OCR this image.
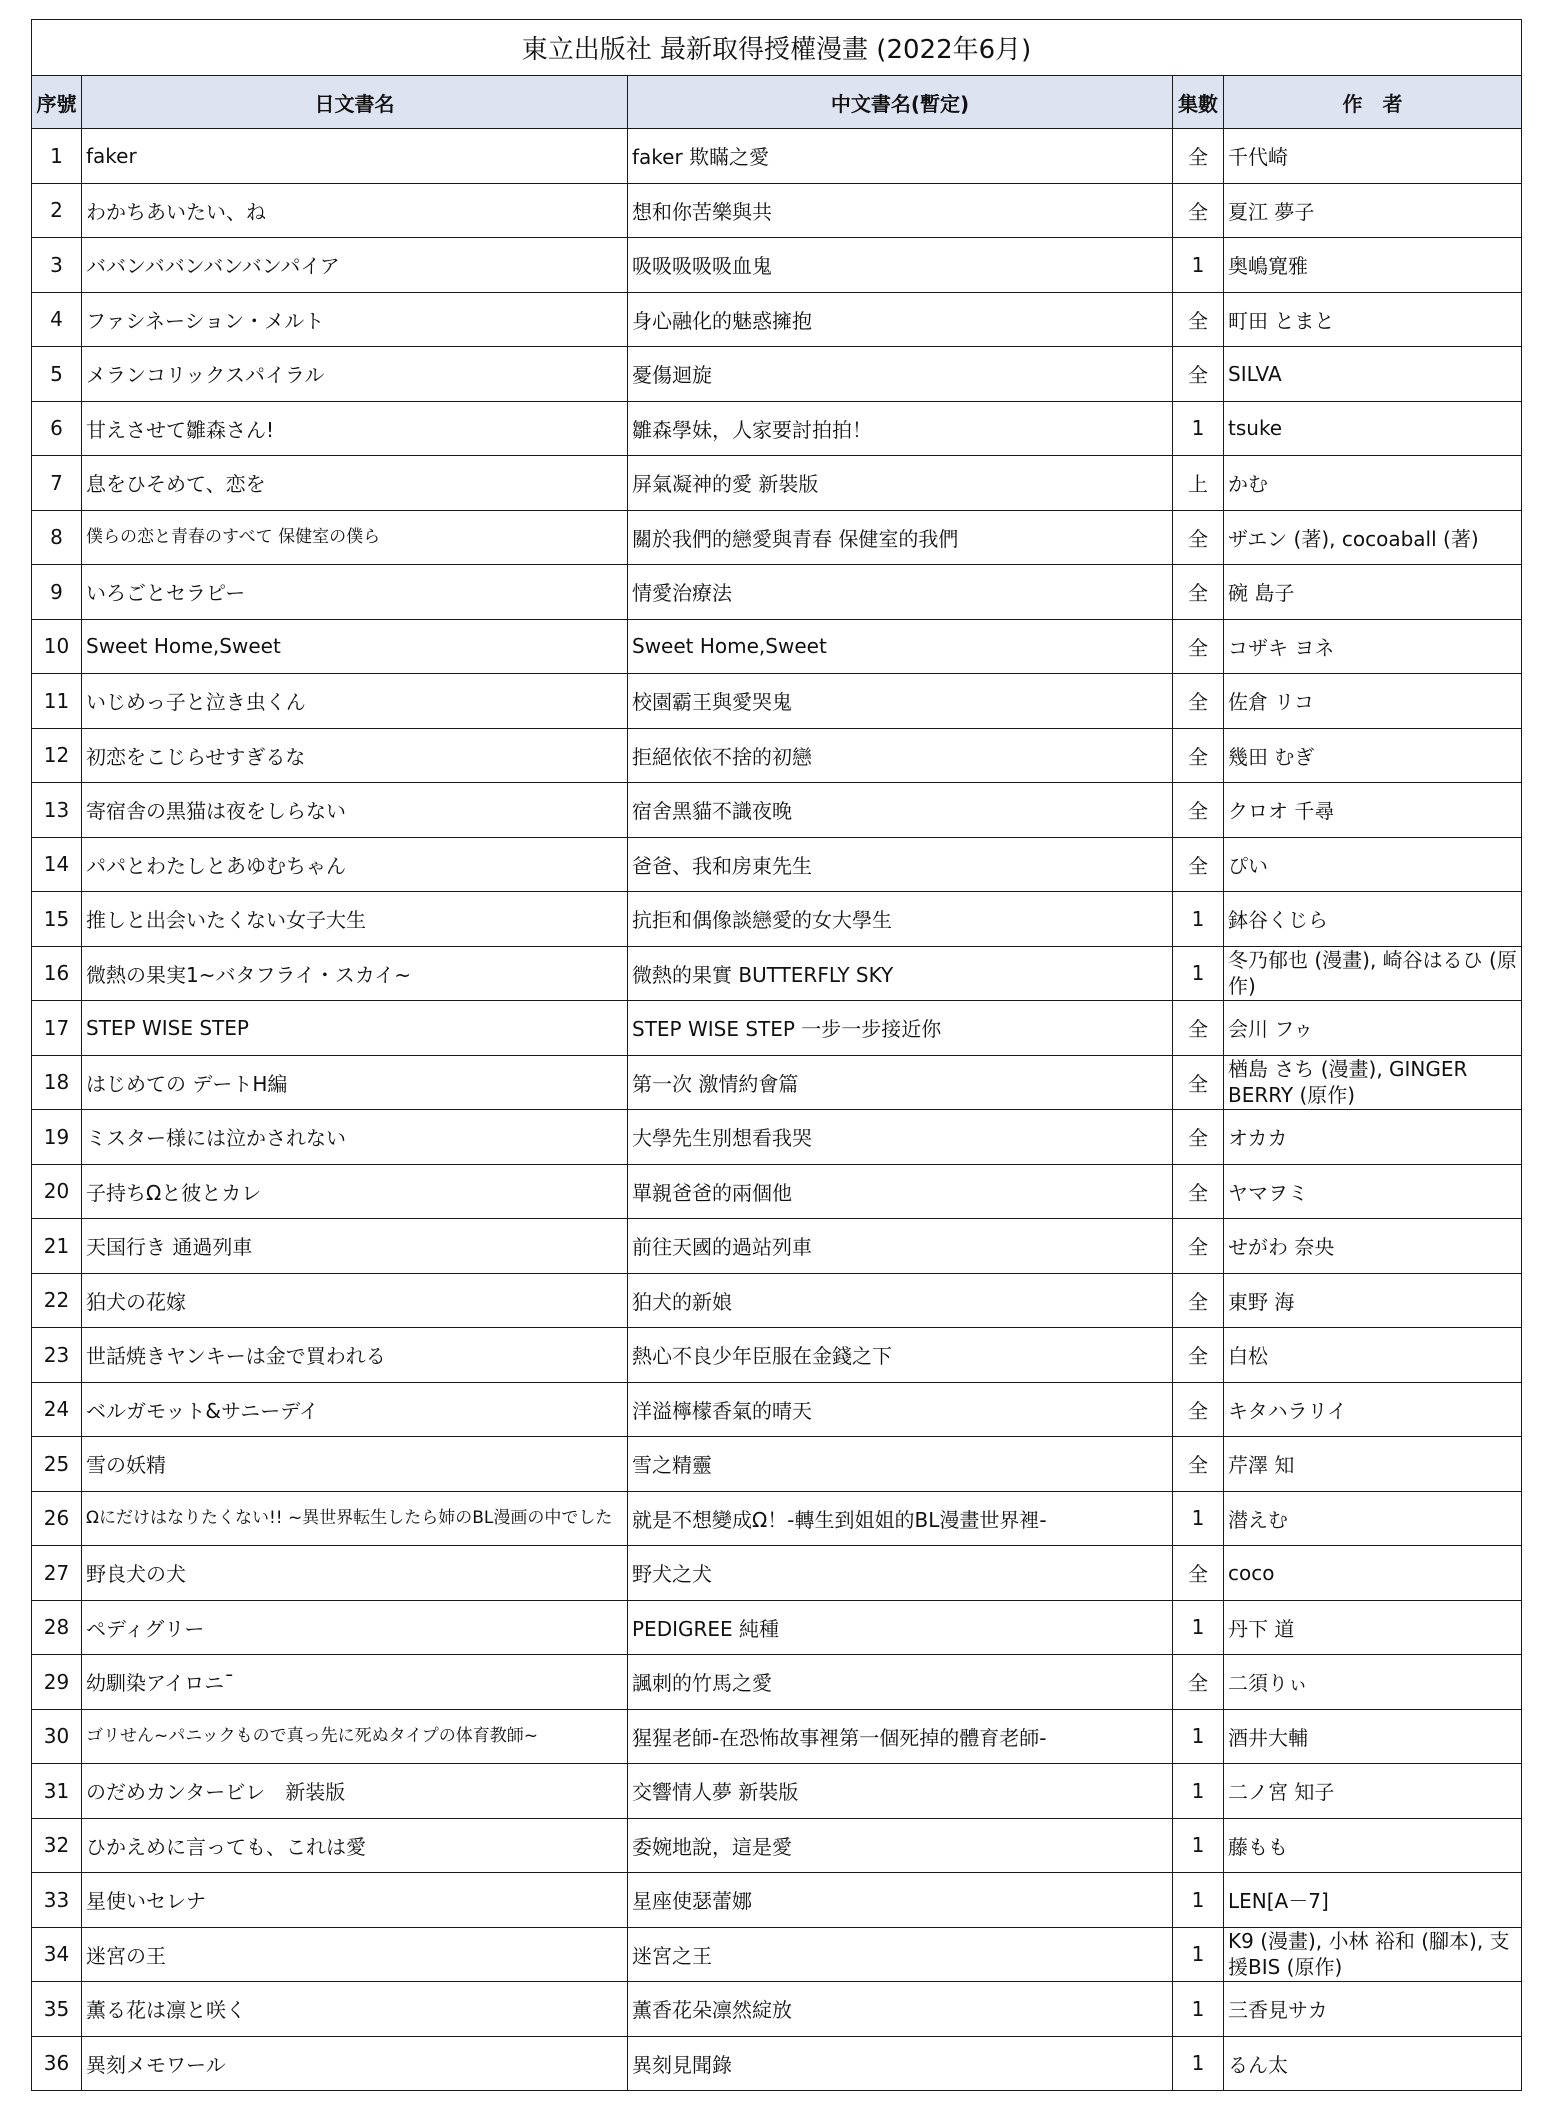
東立出版社 最新取得授權漫畫 (2022年6月)				
序號	日文書名	中文書名(暫定)	集數	作　者
1	faker	faker 欺瞞之愛	全	千代崎
2	わかちあいたい、ね	想和你苦樂與共	全	夏江 夢子
3	ババンババンバンバンパイア	吸吸吸吸吸血鬼	1	奥嶋寛雅
4	ファシネーション・メルト	身心融化的魅惑擁抱	全	町田 とまと
5	メランコリックスパイラル	憂傷迴旋	全	SILVA
6	甘えさせて雛森さん!	雛森學妹，人家要討拍拍！	1	tsuke
7	息をひそめて、恋を	屏氣凝神的愛 新裝版	上	かむ
8	僕らの恋と青春のすべて 保健室の僕ら	關於我們的戀愛與青春 保健室的我們	全	ザエン (著), cocoaball (著)
9	いろごとセラピー	情愛治療法	全	碗 島子
10	Sweet Home,Sweet	Sweet Home,Sweet	全	コザキ ヨネ
11	いじめっ子と泣き虫くん	校園霸王與愛哭鬼	全	佐倉 リコ
12	初恋をこじらせすぎるな	拒絕依依不捨的初戀	全	幾田 むぎ
13	寄宿舎の黒猫は夜をしらない	宿舍黑貓不識夜晚	全	クロオ 千尋
14	パパとわたしとあゆむちゃん	爸爸、我和房東先生	全	ぴい
15	推しと出会いたくない女子大生	抗拒和偶像談戀愛的女大學生	1	鉢谷くじら
16	微熱の果実1~バタフライ・スカイ~	微熱的果實 BUTTERFLY SKY	1	冬乃郁也 (漫畫), 崎谷はるひ (原作)
17	STEP WISE STEP	STEP WISE STEP 一步一步接近你	全	会川 フゥ
18	はじめての デートH編	第一次 激情約會篇	全	楢島 さち (漫畫), GINGER BERRY (原作)
19	ミスター様には泣かされない	大學先生別想看我哭	全	オカカ
20	子持ちΩと彼とカレ	單親爸爸的兩個他	全	ヤマヲミ
21	天国行き 通過列車	前往天國的過站列車	全	せがわ 奈央
22	狛犬の花嫁	狛犬的新娘	全	東野 海
23	世話焼きヤンキーは金で買われる	熱心不良少年臣服在金錢之下	全	白松
24	ベルガモット&サニーデイ	洋溢檸檬香氣的晴天	全	キタハラリイ
25	雪の妖精	雪之精靈	全	芹澤 知
26	Ωにだけはなりたくない!! ~異世界転生したら姉のBL漫画の中でした	就是不想變成Ω！-轉生到姐姐的BL漫畫世界裡-	1	潜えむ
27	野良犬の犬	野犬之犬	全	coco
28	ペディグリー	PEDIGREE 純種	1	丹下 道
29	幼馴染アイロニ¯	諷刺的竹馬之愛	全	二須りぃ
30	ゴリせん~パニックもので真っ先に死ぬタイプの体育教師~	猩猩老師-在恐怖故事裡第一個死掉的體育老師-	1	酒井大輔
31	のだめカンタービレ　新装版	交響情人夢 新裝版	1	二ノ宮 知子
32	ひかえめに言っても、これは愛	委婉地說，這是愛	1	藤もも
33	星使いセレナ	星座使瑟蕾娜	1	LEN[A－7]
34	迷宮の王	迷宮之王	1	K9 (漫畫), 小林 裕和 (腳本), 支援BIS (原作)
35	薫る花は凛と咲く	薫香花朵凛然綻放	1	三香見サカ
36	異刻メモワール	異刻見聞錄	1	るん太
